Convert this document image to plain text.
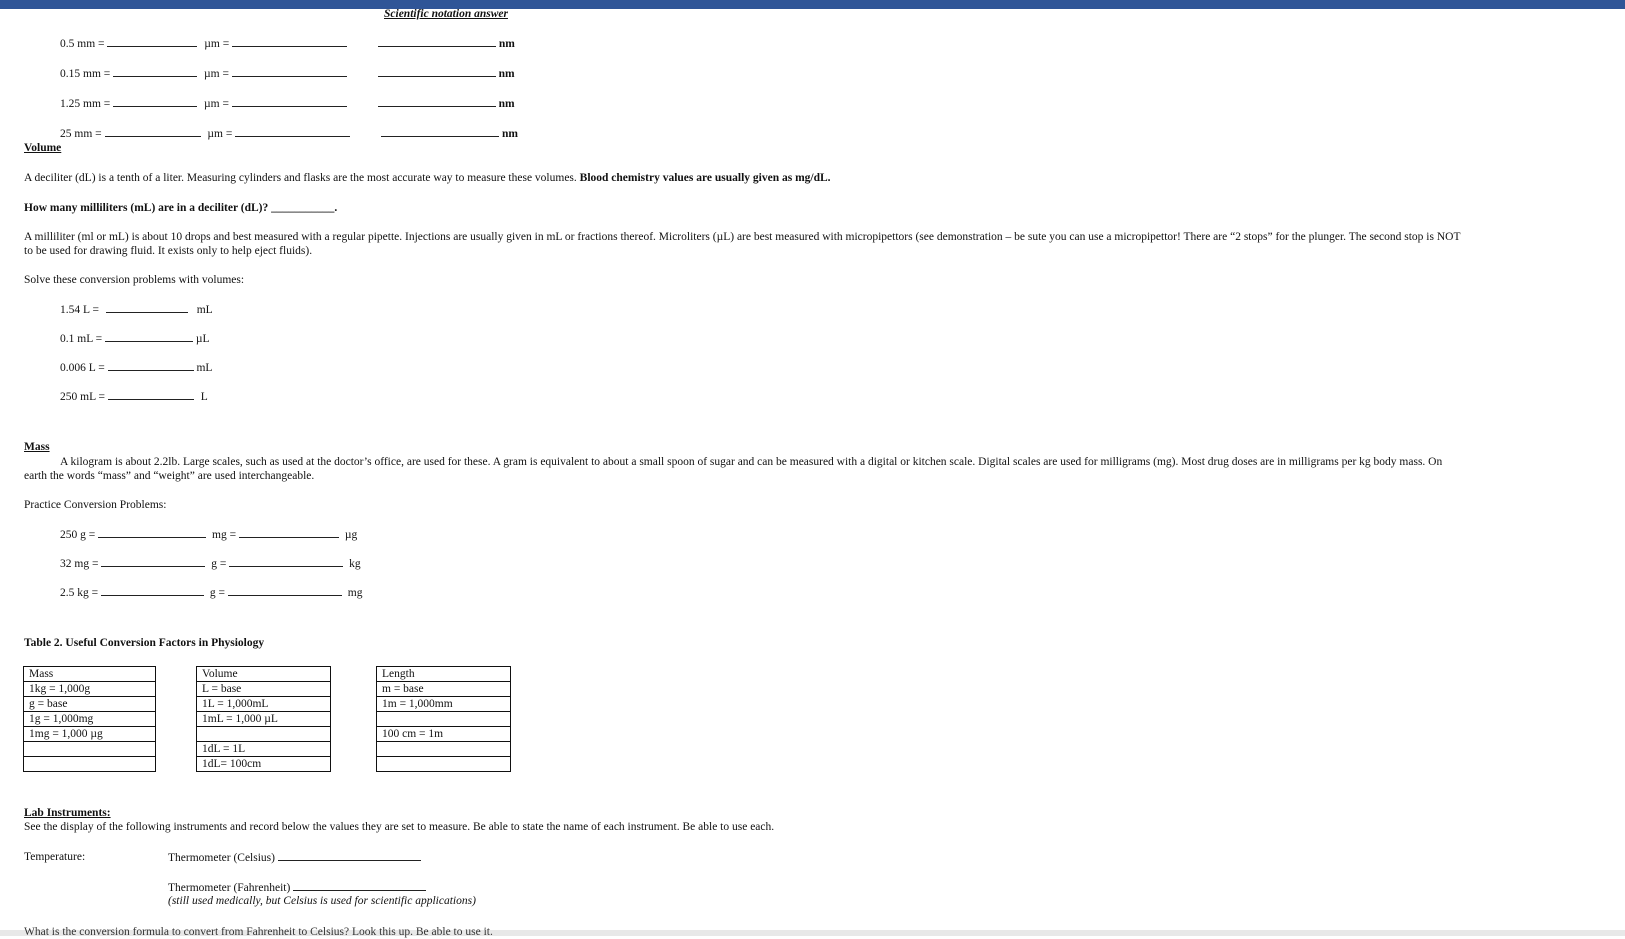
Scientific notation answer
0.5 mm =	µm =	nm
0.15 mm =	µm =	nm
1.25 mm =	µm =	nm
25 mm =	µm =	nm
Volume
A deciliter (dL) is a tenth of a liter. Measuring cylinders and flasks are the most accurate way to measure these volumes. Blood chemistry values are usually given as mg/dL.
How many milliliters (mL) are in a deciliter (dL)? ___________.
A milliliter (ml or mL) is about 10 drops and best measured with a regular pipette. Injections are usually given in mL or fractions thereof. Microliters (µL) are best measured with micropipettors (see demonstration – be sute you can use a micropipettor! There are “2 stops” for the plunger. The second stop is NOT
to be used for drawing fluid. It exists only to help eject fluids).
Solve these conversion problems with volumes:
1.54 L =	mL
0.1 mL =	µL
0.006 L =	mL
250 mL =	L
Mass
A kilogram is about 2.2lb. Large scales, such as used at the doctor’s office, are used for these. A gram is equivalent to about a small spoon of sugar and can be measured with a digital or kitchen scale. Digital scales are used for milligrams (mg). Most drug doses are in milligrams per kg body mass. On
earth the words “mass” and “weight” are used interchangeable.
Practice Conversion Problems:
250 g =	mg =	µg
32 mg =	g =	kg
2.5 kg =	g =	mg
Table 2. Useful Conversion Factors in Physiology
Mass
1kg = 1,000g
g = base
1g = 1,000mg
1mg = 1,000 µg

Volume
L = base
1L = 1,000mL
1mL = 1,000 µL

1dL = 1L
1dL= 100cm
Length
m = base
1m = 1,000mm

100 cm = 1m

Lab Instruments:
See the display of the following instruments and record below the values they are set to measure. Be able to state the name of each instrument. Be able to use each.
Temperature:	Thermometer (Celsius)
Thermometer (Fahrenheit)
(still used medically, but Celsius is used for scientific applications)
